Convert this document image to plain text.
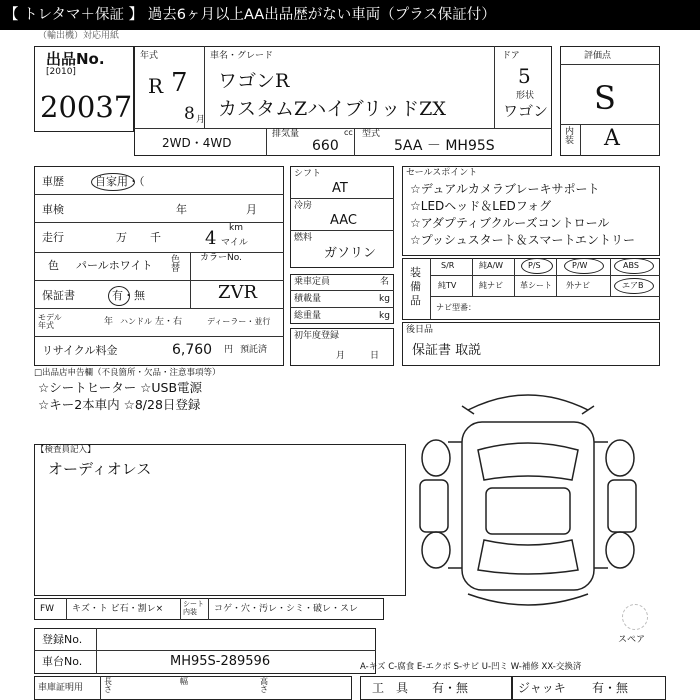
【 トレタマ＋保証 】 過去6ヶ月以上AA出品歴がない車両（プラス保証付）
（輸出機）対応用紙
出品No.
[2010]
20037
年式
R 7
8 月
車名・グレード
ワゴンR
カスタムZハイブリッドZX
ドア
5
形状
ワゴン
評価点
S
内装 A
2WD・4WD
排気量	cc
660
型式
5AA － MH95S
車歴	自家用・（
車検	年	月
走行	万 千 4 km
マイル
色 パールホワイト 色替
カラーNo.
ZVR
保証書	有・無
モデル年式	年 ハンドル 左・右	ディーラー・並行
リサイクル料金	6,760 円 預託済
シフト
AT
冷房
AAC
燃料
ガソリン
乗車定員	名
積載量	kg
総重量	kg
初年度登録
月	日
セールスポイント
☆デュアルカメラブレーキサポート
☆LEDヘッド＆LEDフォグ
☆アダプティブクルーズコントロール
☆プッシュスタート＆スマートエントリー
装備品
S/R	純A/W	P/S	P/W	ABS
純TV	純ナビ 革シート 外ナビ	エアB
ナビ型番：
後日品
保証書 取説
□出品店申告欄（不良箇所・欠品・注意事項等）
☆シートヒーター ☆USB電源
☆キー2本車内 ☆8/28日登録
【検査員記入】
オーディオレス
スペア
FW キズ・ト ビ石・割レ×	シート内装	コゲ・穴・汚レ・シミ・破レ・スレ
登録No.
車台No.	MH95S-289596
車庫証明用
長さ
幅	高さ
A-キズ C-腐食 E-エクボ S-サビ U-凹ミ W-補修 XX-交換済
工　具 有・無	ジャッキ 有・無
